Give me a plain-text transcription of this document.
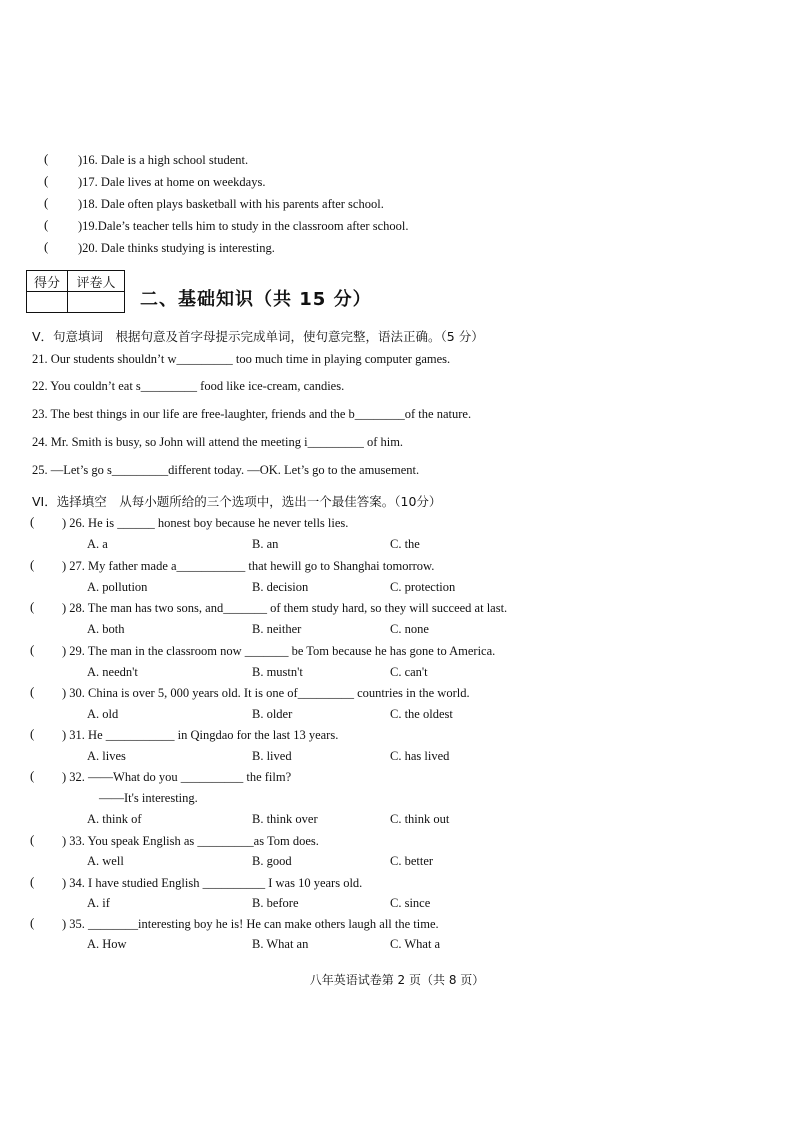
( )16. Dale is a high school student.
( )17. Dale lives at home on weekdays.
( )18. Dale often plays basketball with his parents after school.
( )19.Dale’s teacher tells him to study in the classroom after school.
( )20. Dale thinks studying is interesting.
得分	评卷人

二、基础知识（共 15 分）
V．句意填词　根据句意及首字母提示完成单词，使句意完整，语法正确。（5 分）
21. Our students shouldn’t w_________ too much time in playing computer games.
22. You couldn’t eat s_________ food like ice-cream, candies.
23. The best things in our life are free-laughter, friends and the b________of the nature.
24. Mr. Smith is busy, so John will attend the meeting i_________ of him.
25. —Let’s go s_________different today. —OK. Let’s go to the amusement.
VI．选择填空　从每小题所给的三个选项中，选出一个最佳答案。（10分）
( ) 26. He is ______ honest boy because he never tells lies.
A. a	B. an	C. the
( ) 27. My father made a___________ that hewill go to Shanghai tomorrow.
A. pollution	B. decision	C. protection
( ) 28. The man has two sons, and_______ of them study hard, so they will succeed at last.
A. both	B. neither	C. none
( ) 29. The man in the classroom now _______ be Tom because he has gone to America.
A. needn't	B. mustn't	C. can't
( ) 30. China is over 5, 000 years old. It is one of_________ countries in the world.
A. old	B. older	C. the oldest
( ) 31. He ___________ in Qingdao for the last 13 years.
A. lives	B. lived	C. has lived
( ) 32. ——What do you __________ the film?
——It's interesting.
A. think of	B. think over	C. think out
( ) 33. You speak English as _________as Tom does.
A. well	B. good	C. better
( ) 34. I have studied English __________ I was 10 years old.
A. if	B. before	C. since
( ) 35. ________interesting boy he is! He can make others laugh all the time.
A. How	B. What an	C. What a
八年英语试卷第 2 页（共 8 页）
